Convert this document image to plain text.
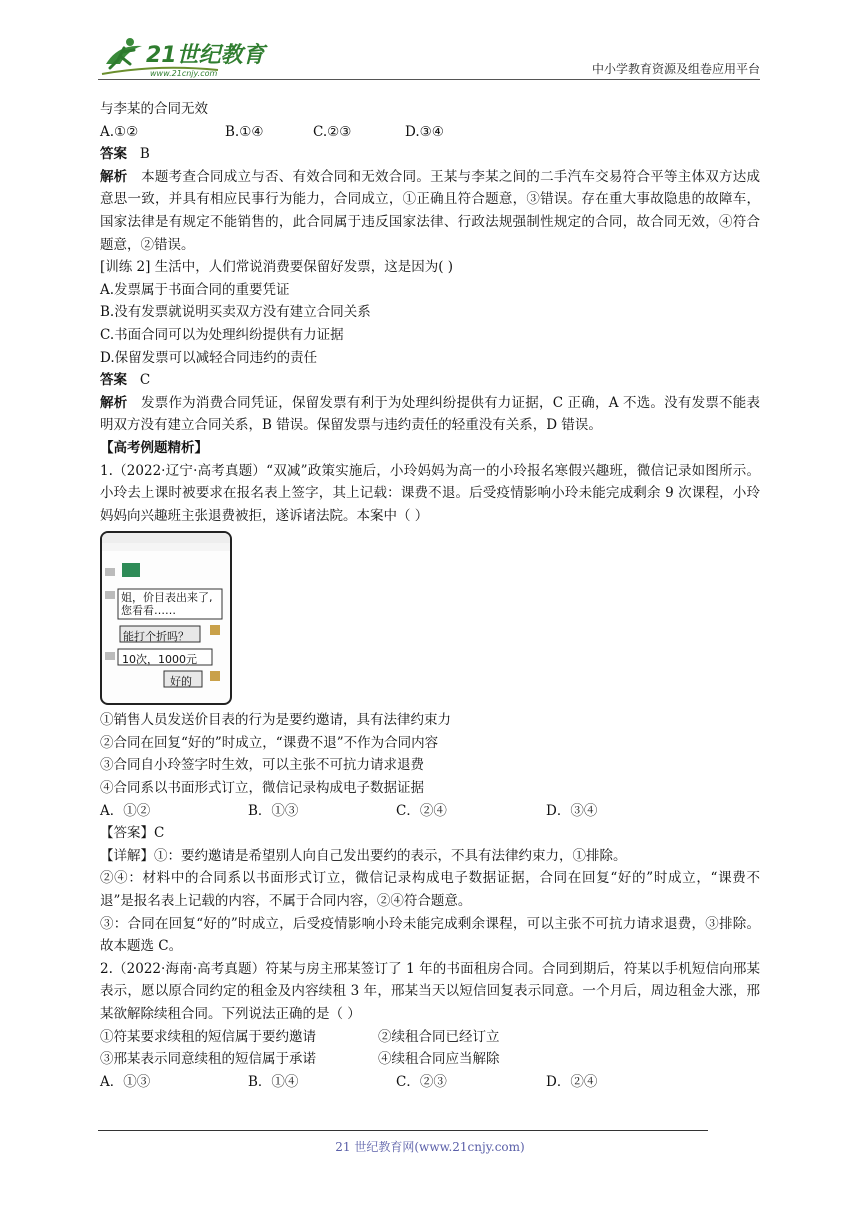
21世纪教育
www.21cnjy.com	中小学教育资源及组卷应用平台
与李某的合同无效
A.①②	B.①④	C.②③	D.③④
答案 B
解析 本题考查合同成立与否、有效合同和无效合同。王某与李某之间的二手汽车交易符合平等主体双方达成意思一致，并具有相应民事行为能力，合同成立，①正确且符合题意，③错误。存在重大事故隐患的故障车，国家法律是有规定不能销售的，此合同属于违反国家法律、行政法规强制性规定的合同，故合同无效，④符合题意，②错误。
[训练 2] 生活中，人们常说消费要保留好发票，这是因为( )
A.发票属于书面合同的重要凭证
B.没有发票就说明买卖双方没有建立合同关系
C.书面合同可以为处理纠纷提供有力证据
D.保留发票可以减轻合同违约的责任
答案 C
解析 发票作为消费合同凭证，保留发票有利于为处理纠纷提供有力证据，C 正确，A 不选。没有发票不能表明双方没有建立合同关系，B 错误。保留发票与违约责任的轻重没有关系，D 错误。
【高考例题精析】
1.（2022·辽宁·高考真题）“双减”政策实施后，小玲妈妈为高一的小玲报名寒假兴趣班，微信记录如图所示。小玲去上课时被要求在报名表上签字，其上记载：课费不退。后受疫情影响小玲未能完成剩余 9 次课程，小玲妈妈向兴趣班主张退费被拒，遂诉诸法院。本案中（ ）
姐，价目表出来了,您看看……
能打个折吗？
10次，1000元
好的
①销售人员发送价目表的行为是要约邀请，具有法律约束力
②合同在回复“好的”时成立，“课费不退”不作为合同内容
③合同自小玲签字时生效，可以主张不可抗力请求退费
④合同系以书面形式订立，微信记录构成电子数据证据
A．①②	B．①③	C．②④	D．③④
【答案】C
【详解】①：要约邀请是希望别人向自己发出要约的表示，不具有法律约束力，①排除。
②④：材料中的合同系以书面形式订立，微信记录构成电子数据证据，合同在回复“好的”时成立，“课费不退”是报名表上记载的内容，不属于合同内容，②④符合题意。
③：合同在回复“好的”时成立，后受疫情影响小玲未能完成剩余课程，可以主张不可抗力请求退费，③排除。 故本题选 C。
2.（2022·海南·高考真题）符某与房主邢某签订了 1 年的书面租房合同。合同到期后，符某以手机短信向邢某表示，愿以原合同约定的租金及内容续租 3 年，邢某当天以短信回复表示同意。一个月后，周边租金大涨，邢某欲解除续租合同。下列说法正确的是（ ）
①符某要求续租的短信属于要约邀请	②续租合同已经订立
③邢某表示同意续租的短信属于承诺	④续租合同应当解除
A．①③	B．①④	C．②③	D．②④
21 世纪教育网(www.21cnjy.com)
